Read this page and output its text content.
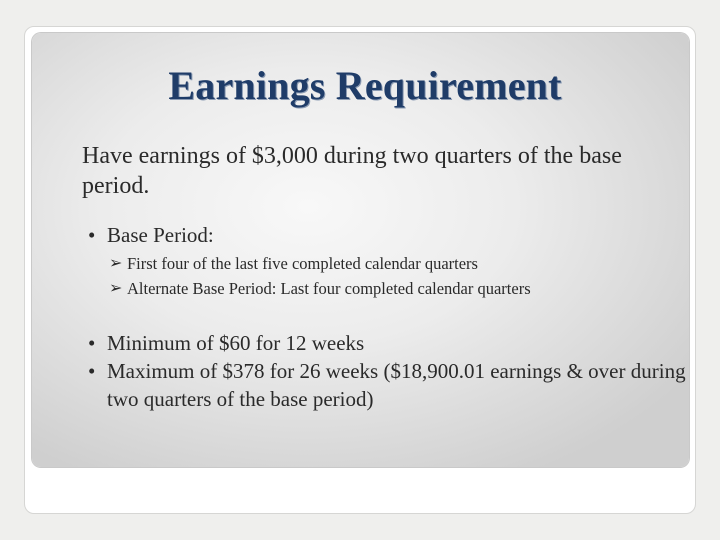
Earnings Requirement

Have earnings of $3,000 during two quarters of the base period.

• Base Period:
➢ First four of the last five completed calendar quarters
➢ Alternate Base Period: Last four completed calendar quarters
• Minimum of $60 for 12 weeks
• Maximum of $378 for 26 weeks ($18,900.01 earnings & over during two quarters of the base period)
